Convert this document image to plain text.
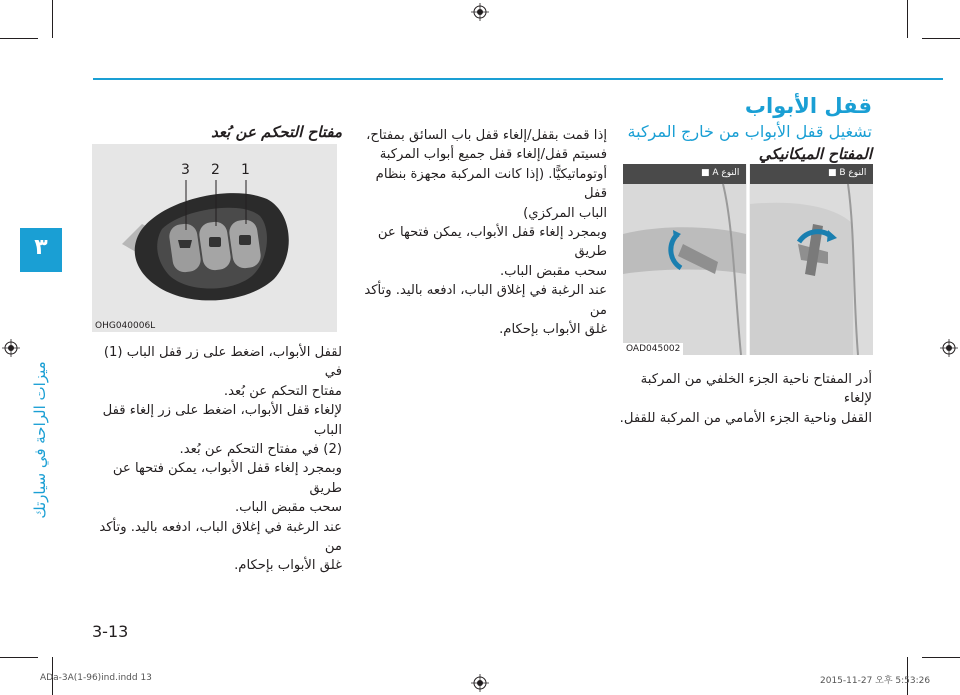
٣
ميزات الراحة في سيارتك
قفل الأبواب
تشغيل قفل الأبواب من خارج المركبة
المفتاح الميكانيكي
النوع A ■	النوع B ■
OAD045002

أدر المفتاح ناحية الجزء الخلفي من المركبة لإلغاء

القفل وناحية الجزء الأمامي من المركبة للقفل.

إذا قمت بقفل/إلغاء قفل باب السائق بمفتاح،

فسيتم قفل/إلغاء قفل جميع أبواب المركبة

أوتوماتيكيًّا. (إذا كانت المركبة مجهزة بنظام قفل

الباب المركزي)

وبمجرد إلغاء قفل الأبواب، يمكن فتحها عن طريق

سحب مقبض الباب.

عند الرغبة في إغلاق الباب، ادفعه باليد. وتأكد من

غلق الأبواب بإحكام.

مفتاح التحكم عن بُعد
3 2 1
OHG040006L

لقفل الأبواب، اضغط على زر قفل الباب (1) في

مفتاح التحكم عن بُعد.

لإلغاء قفل الأبواب، اضغط على زر إلغاء قفل الباب

(2) في مفتاح التحكم عن بُعد.

وبمجرد إلغاء قفل الأبواب، يمكن فتحها عن طريق

سحب مقبض الباب.

عند الرغبة في إغلاق الباب، ادفعه باليد. وتأكد من

غلق الأبواب بإحكام.

3-13
ADa-3A(1-96)ind.indd 13	2015-11-27 오후 5:53:26
